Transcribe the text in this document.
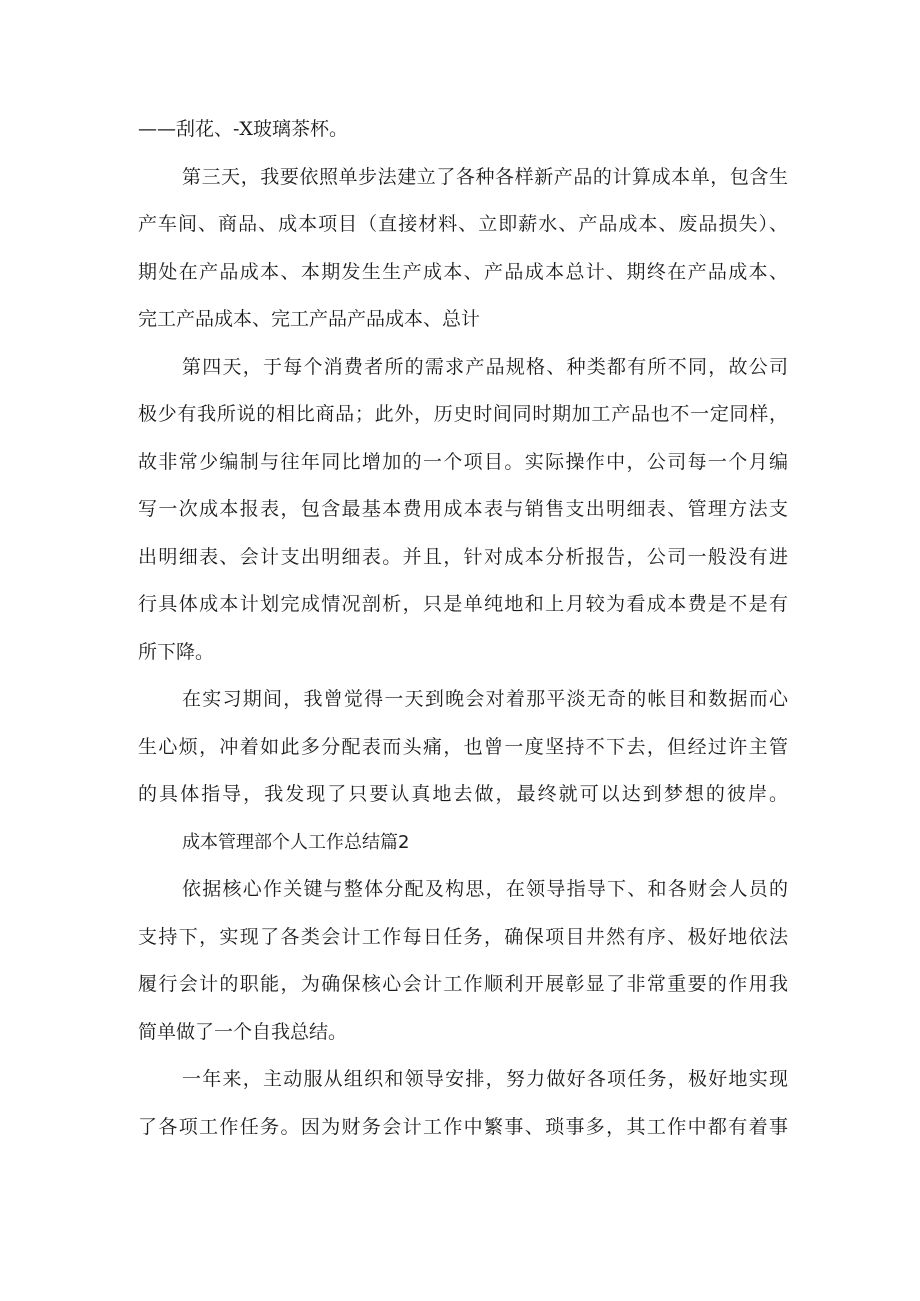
——刮花、-X玻璃茶杯。

第三天，我要依照单步法建立了各种各样新产品的计算成本单，包含生

产车间、商品、成本项目（直接材料、立即薪水、产品成本、废品损失）、

期处在产品成本、本期发生生产成本、产品成本总计、期终在产品成本、

完工产品成本、完工产品产品成本、总计

第四天，于每个消费者所的需求产品规格、种类都有所不同，故公司

极少有我所说的相比商品；此外，历史时间同时期加工产品也不一定同样，

故非常少编制与往年同比增加的一个项目。实际操作中，公司每一个月编

写一次成本报表，包含最基本费用成本表与销售支出明细表、管理方法支

出明细表、会计支出明细表。并且，针对成本分析报告，公司一般没有进

行具体成本计划完成情况剖析，只是单纯地和上月较为看成本费是不是有

所下降。

在实习期间，我曾觉得一天到晚会对着那平淡无奇的帐目和数据而心

生心烦，冲着如此多分配表而头痛，也曾一度坚持不下去，但经过许主管

的具体指导，我发现了只要认真地去做，最终就可以达到梦想的彼岸。

成本管理部个人工作总结篇2

依据核心作关键与整体分配及构思，在领导指导下、和各财会人员的

支持下，实现了各类会计工作每日任务，确保项目井然有序、极好地依法

履行会计的职能，为确保核心会计工作顺利开展彰显了非常重要的作用我

简单做了一个自我总结。

一年来，主动服从组织和领导安排，努力做好各项任务，极好地实现

了各项工作任务。因为财务会计工作中繁事、琐事多，其工作中都有着事
